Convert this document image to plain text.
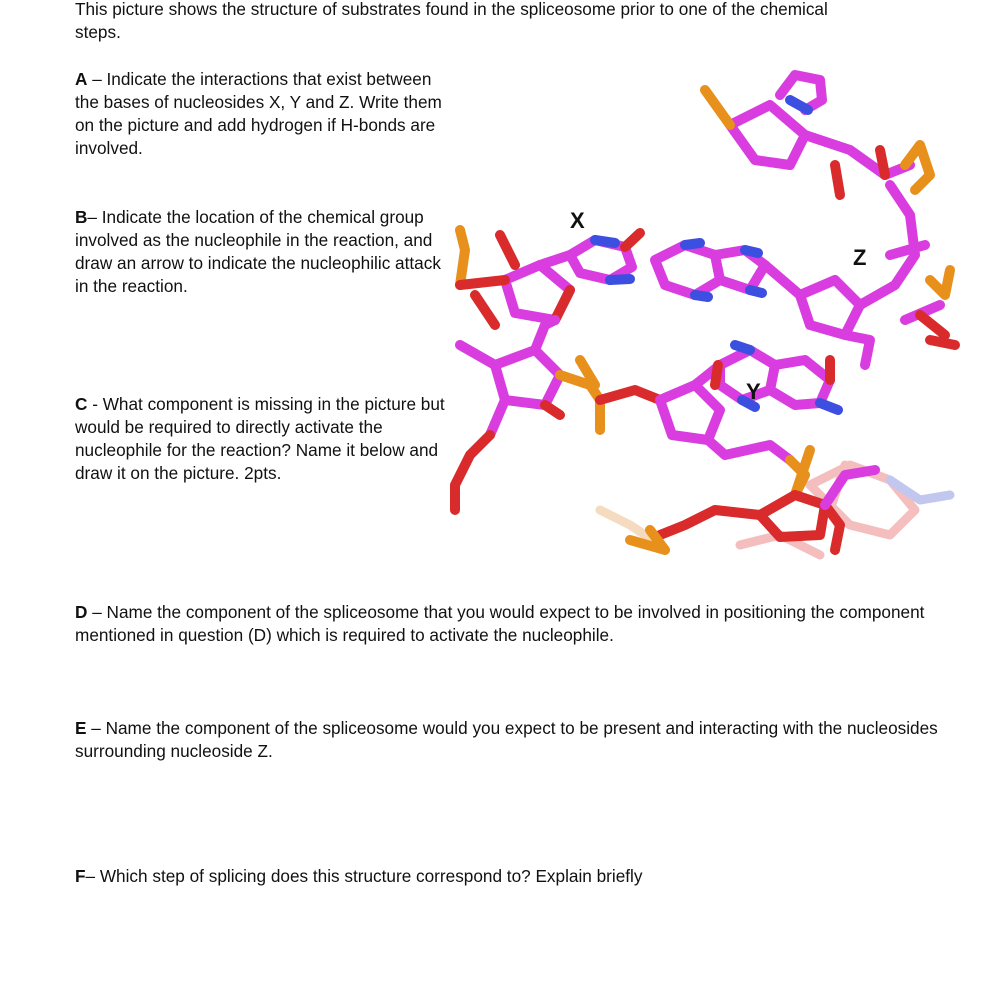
This picture shows the structure of substrates found in the spliceosome prior to one of the chemical steps.
A – Indicate the interactions that exist between the bases of nucleosides X, Y and Z. Write them on the picture and add hydrogen if H-bonds are involved.
B– Indicate the location of the chemical group involved as the nucleophile in the reaction, and draw an arrow to indicate the nucleophilic attack in the reaction.
C - What component is missing in the picture but would be required to directly activate the nucleophile for the reaction? Name it below and draw it on the picture. 2pts.
D – Name the component of the spliceosome that you would expect to be involved in positioning the component mentioned in question (D) which is required to activate the nucleophile.
E – Name the component of the spliceosome would you expect to be present and interacting with the nucleosides surrounding nucleoside Z.
F– Which step of splicing does this structure correspond to? Explain briefly
X
Y
Z
